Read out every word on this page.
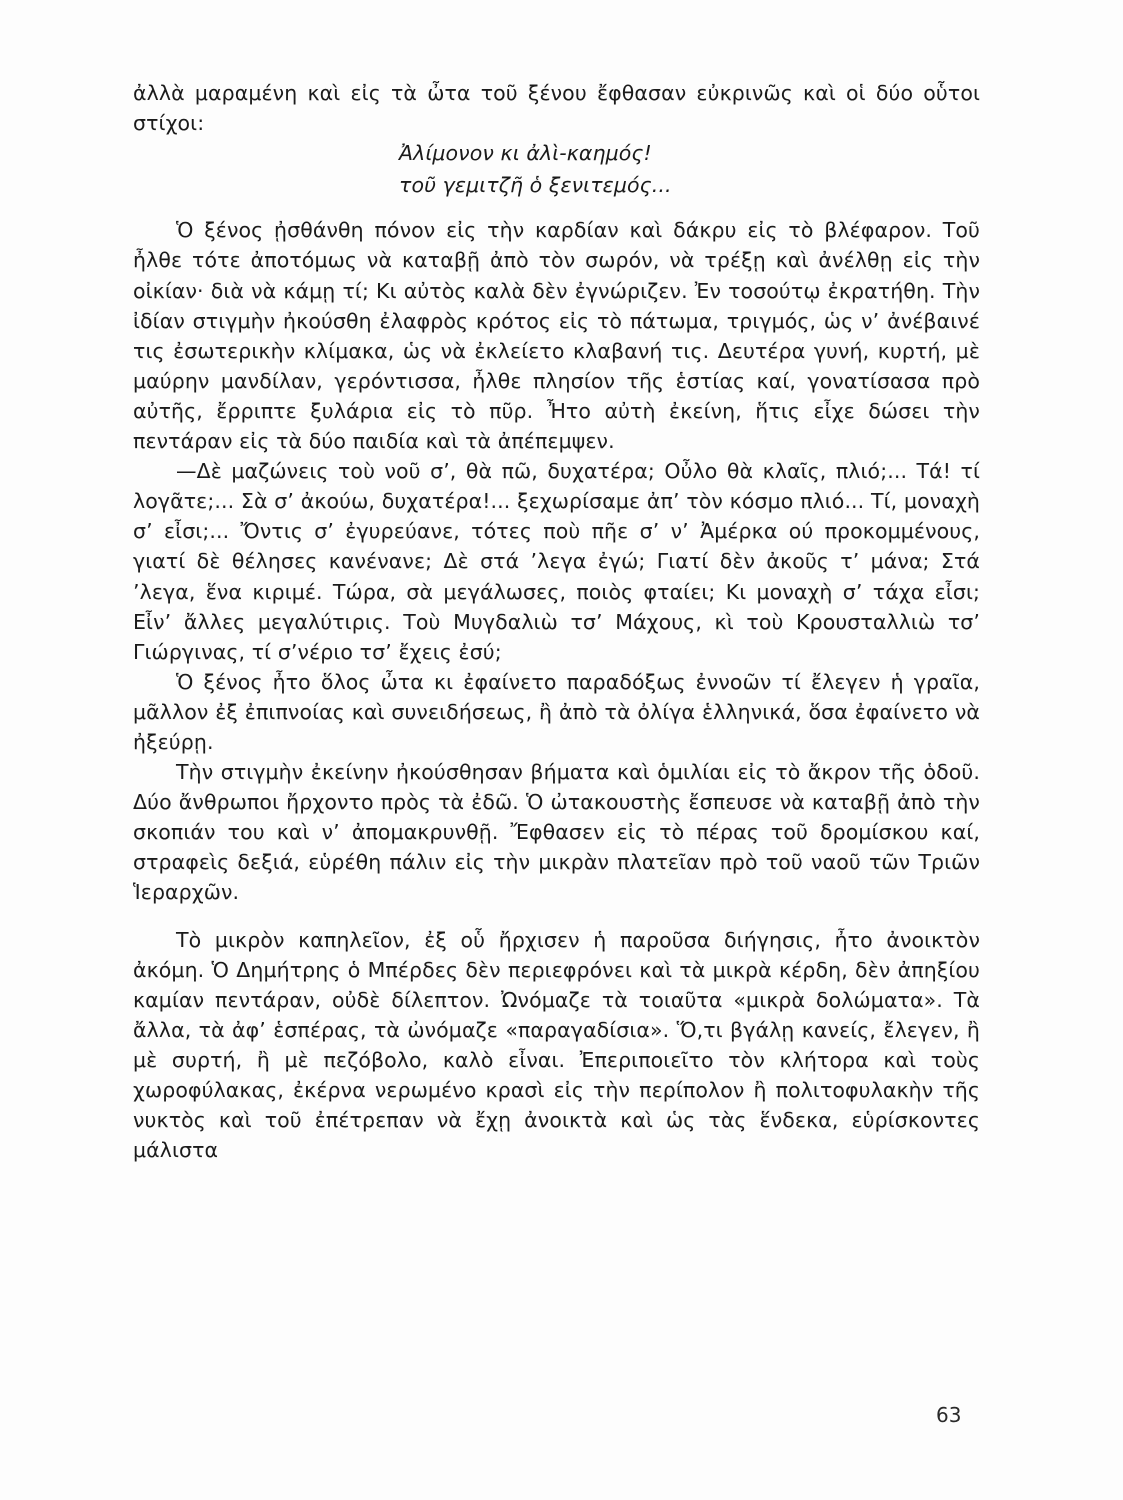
ἀλλὰ μαραμένη καὶ εἰς τὰ ὦτα τοῦ ξένου ἔφθασαν εὐκρινῶς καὶ οἱ δύο οὗτοι στίχοι:

Ἀλίμονον κι ἀλὶ-καημός!

τοῦ γεμιτζῆ ὁ ξενιτεμός...

Ὁ ξένος ᾐσθάνθη πόνον εἰς τὴν καρδίαν καὶ δάκρυ εἰς τὸ βλέφαρον. Τοῦ ἦλθε τότε ἀποτόμως νὰ καταβῇ ἀπὸ τὸν σωρόν, νὰ τρέξῃ καὶ ἀνέλθῃ εἰς τὴν οἰκίαν· διὰ νὰ κάμῃ τί; Κι αὐτὸς καλὰ δὲν ἐγνώριζεν. Ἐν τοσούτῳ ἐκρατήθη. Τὴν ἰδίαν στιγμὴν ἠκούσθη ἐλαφρὸς κρότος εἰς τὸ πάτωμα, τριγμός, ὡς ν’ ἀνέβαινέ τις ἐσωτερικὴν κλίμακα, ὡς νὰ ἐκλείετο κλαβανή τις. Δευτέρα γυνή, κυρτή, μὲ μαύρην μανδίλαν, γερόντισσα, ἦλθε πλησίον τῆς ἑστίας καί, γονατίσασα πρὸ αὐτῆς, ἔρριπτε ξυλάρια εἰς τὸ πῦρ. Ἦτο αὐτὴ ἐκείνη, ἥτις εἶχε δώσει τὴν πεντάραν εἰς τὰ δύο παιδία καὶ τὰ ἀπέπεμψεν.

—Δὲ μαζώνεις τοὺ νοῦ σ’, θὰ πῶ, δυχατέρα; Οὖλο θὰ κλαῖς, πλιό;... Τά! τί λογᾶτε;... Σὰ σ’ ἀκούω, δυχατέρα!... ξεχωρίσαμε ἀπ’ τὸν κόσμο πλιό... Τί, μοναχὴ σ’ εἶσι;... Ὄντις σ’ ἐγυρεύανε, τότες ποὺ πῆε σ’ ν’ Ἀμέρκα ού προκομμένους, γιατί δὲ θέλησες κανένανε; Δὲ στά ’λεγα ἐγώ; Γιατί δὲν ἀκοῦς τ’ μάνα; Στά ’λεγα, ἕνα κιριμέ. Τώρα, σὰ μεγάλωσες, ποιὸς φταίει; Κι μοναχὴ σ’ τάχα εἶσι; Εἶν’ ἄλλες μεγαλύτιρις. Τοὺ Μυγδαλιὼ τσ’ Μάχους, κὶ τοὺ Κρουσταλλιὼ τσ’ Γιώργινας, τί σ’νέριο τσ’ ἔχεις ἐσύ;

Ὁ ξένος ἦτο ὅλος ὦτα κι ἐφαίνετο παραδόξως ἐννοῶν τί ἔλεγεν ἡ γραῖα, μᾶλλον ἐξ ἐπιπνοίας καὶ συνειδήσεως, ἢ ἀπὸ τὰ ὀλίγα ἑλληνικά, ὅσα ἐφαίνετο νὰ ἠξεύρῃ.

Τὴν στιγμὴν ἐκείνην ἠκούσθησαν βήματα καὶ ὁμιλίαι εἰς τὸ ἄκρον τῆς ὁδοῦ. Δύο ἄνθρωποι ἤρχοντο πρὸς τὰ ἐδῶ. Ὁ ὠτακουστὴς ἔσπευσε νὰ καταβῇ ἀπὸ τὴν σκοπιάν του καὶ ν’ ἀπομακρυνθῇ. Ἔφθασεν εἰς τὸ πέρας τοῦ δρομίσκου καί, στραφεὶς δεξιά, εὑρέθη πάλιν εἰς τὴν μικρὰν πλατεῖαν πρὸ τοῦ ναοῦ τῶν Τριῶν Ἱεραρχῶν.

Τὸ μικρὸν καπηλεῖον, ἐξ οὗ ἤρχισεν ἡ παροῦσα διήγησις, ἦτο ἀνοικτὸν ἀκόμη. Ὁ Δημήτρης ὁ Μπέρδες δὲν περιεφρόνει καὶ τὰ μικρὰ κέρδη, δὲν ἀπηξίου καμίαν πεντάραν, οὐδὲ δίλεπτον. Ὠνόμαζε τὰ τοιαῦτα «μικρὰ δολώματα». Τὰ ἄλλα, τὰ ἀφ’ ἑσπέρας, τὰ ὠνόμαζε «παραγαδίσια». Ὅ,τι βγάλῃ κανείς, ἔλεγεν, ἢ μὲ συρτή, ἢ μὲ πεζόβολο, καλὸ εἶναι. Ἐπεριποιεῖτο τὸν κλήτορα καὶ τοὺς χωροφύλακας, ἐκέρνα νερωμένο κρασὶ εἰς τὴν περίπολον ἢ πολιτοφυλακὴν τῆς νυκτὸς καὶ τοῦ ἐπέτρεπαν νὰ ἔχῃ ἀνοικτὰ καὶ ὡς τὰς ἕνδεκα, εὑρίσκοντες μάλιστα

63
